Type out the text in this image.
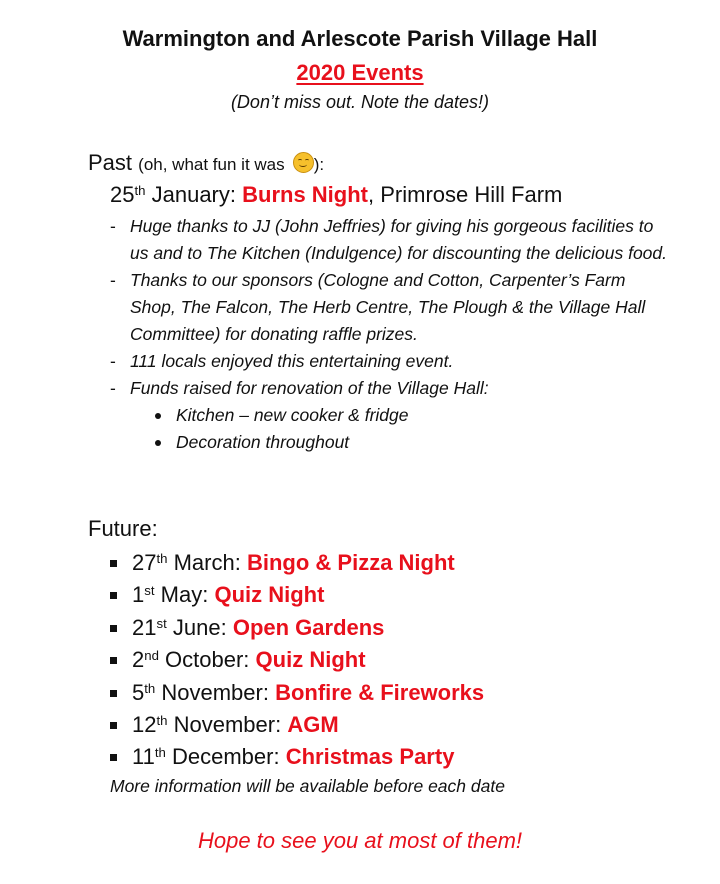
Warmington and Arlescote Parish Village Hall
2020 Events
(Don’t miss out. Note the dates!)
Past (oh, what fun it was ):
25th January: Burns Night, Primrose Hill Farm
- Huge thanks to JJ (John Jeffries) for giving his gorgeous facilities to us and to The Kitchen (Indulgence) for discounting the delicious food.
- Thanks to our sponsors (Cologne and Cotton, Carpenter’s Farm Shop, The Falcon, The Herb Centre, The Plough & the Village Hall Committee) for donating raffle prizes.
- 111 locals enjoyed this entertaining event.
- Funds raised for renovation of the Village Hall:
Kitchen – new cooker & fridge
Decoration throughout
Future:
27th March: Bingo & Pizza Night
1st May: Quiz Night
21st June: Open Gardens
2nd October: Quiz Night
5th November: Bonfire & Fireworks
12th November: AGM
11th December: Christmas Party
More information will be available before each date
Hope to see you at most of them!
